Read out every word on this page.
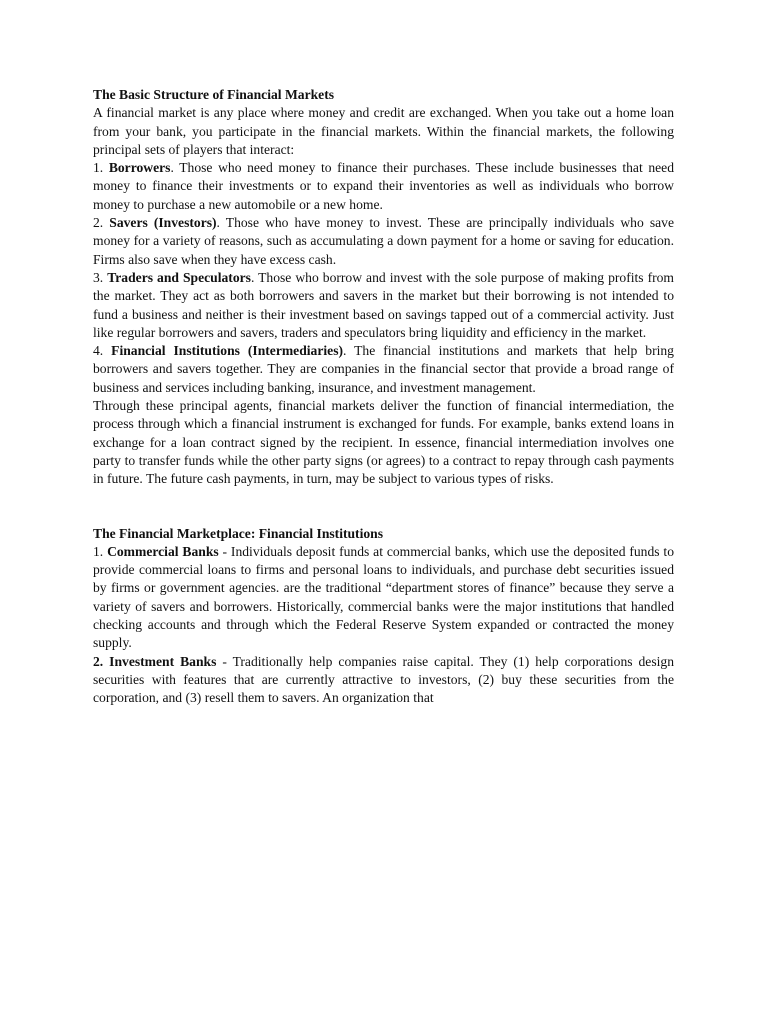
The Basic Structure of Financial Markets

A financial market is any place where money and credit are exchanged. When you take out a home loan from your bank, you participate in the financial markets. Within the financial markets, the following principal sets of players that interact:

1. Borrowers. Those who need money to finance their purchases. These include businesses that need money to finance their investments or to expand their inventories as well as individuals who borrow money to purchase a new automobile or a new home.

2. Savers (Investors). Those who have money to invest. These are principally individuals who save money for a variety of reasons, such as accumulating a down payment for a home or saving for education. Firms also save when they have excess cash.

3. Traders and Speculators. Those who borrow and invest with the sole purpose of making profits from the market. They act as both borrowers and savers in the market but their borrowing is not intended to fund a business and neither is their investment based on savings tapped out of a commercial activity. Just like regular borrowers and savers, traders and speculators bring liquidity and efficiency in the market.

4. Financial Institutions (Intermediaries). The financial institutions and markets that help bring borrowers and savers together. They are companies in the financial sector that provide a broad range of business and services including banking, insurance, and investment management.

Through these principal agents, financial markets deliver the function of financial intermediation, the process through which a financial instrument is exchanged for funds. For example, banks extend loans in exchange for a loan contract signed by the recipient. In essence, financial intermediation involves one party to transfer funds while the other party signs (or agrees) to a contract to repay through cash payments in future. The future cash payments, in turn, may be subject to various types of risks.

The Financial Marketplace: Financial Institutions

1. Commercial Banks - Individuals deposit funds at commercial banks, which use the deposited funds to provide commercial loans to firms and personal loans to individuals, and purchase debt securities issued by firms or government agencies. are the traditional “department stores of finance” because they serve a variety of savers and borrowers. Historically, commercial banks were the major institutions that handled checking accounts and through which the Federal Reserve System expanded or contracted the money supply.

2. Investment Banks - Traditionally help companies raise capital. They (1) help corporations design securities with features that are currently attractive to investors, (2) buy these securities from the corporation, and (3) resell them to savers. An organization that
